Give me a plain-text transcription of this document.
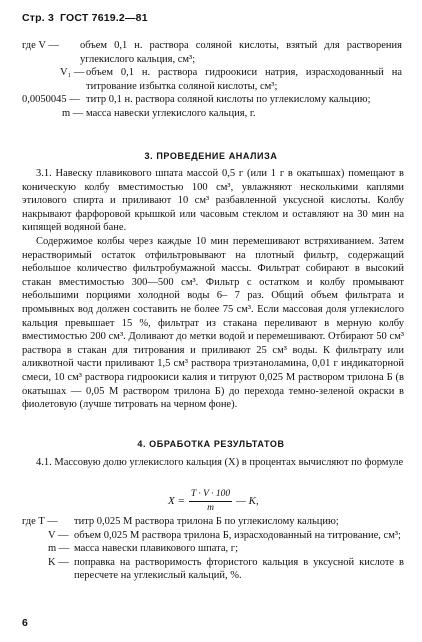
Стр. 3 ГОСТ 7619.2—81
где V —	объем 0,1 н. раствора соляной кислоты, взятый для растворения углекислого кальция, см³;
V₁ — объем 0,1 н. раствора гидроокиси натрия, израсходованный на титрование избытка соляной кислоты, см³;
0,0050045 — титр 0,1 н. раствора соляной кислоты по углекислому кальцию;
m — масса навески углекислого кальция, г.
3. ПРОВЕДЕНИЕ АНАЛИЗА
3.1. Навеску плавикового шпата массой 0,5 г (или 1 г в окатышах) помещают в коническую колбу вместимостью 100 см³, увлажняют несколькими каплями этилового спирта и приливают 10 см³ разбавленной уксусной кислоты. Колбу накрывают фарфоровой крышкой или часовым стеклом и оставляют на 30 мин на кипящей водяной бане.
Содержимое колбы через каждые 10 мин перемешивают встряхиванием. Затем нерастворимый остаток отфильтровывают на плотный фильтр, содержащий небольшое количество фильтробумажной массы. Фильтрат собирают в высокий стакан вместимостью 300—500 см³. Фильтр с остатком и колбу промывают небольшими порциями холодной воды 6– 7 раз. Общий объем фильтрата и промывных вод должен составить не более 75 см³. Если массовая доля углекислого кальция превышает 15 %, фильтрат из стакана переливают в мерную колбу вместимостью 200 см³. Доливают до метки водой и перемешивают. Отбирают 50 см³ раствора в стакан для титрования и приливают 25 см³ воды. К фильтрату или аликвотной части приливают 1,5 см³ раствора триэтаноламина, 0,01 г индикаторной смеси, 10 см³ раствора гидроокиси калия и титруют 0,025 М раствором трилона Б (в окатышах — 0,05 М раствором трилона Б) до перехода темно-зеленой окраски в фиолетовую (лучше титровать на черном фоне).
4. ОБРАБОТКА РЕЗУЛЬТАТОВ
4.1. Массовую долю углекислого кальция (X) в процентах вычисляют по формуле
$X = \frac{T \cdot V \cdot 100}{m}$ — K,
где T —	титр 0,025 М раствора трилона Б по углекислому кальцию;
V — объем 0,025 М раствора трилона Б, израсходованный на титрование, см³;
m — масса навески плавикового шпата, г;
K — поправка на растворимость фтористого кальция в уксусной кислоте в пересчете на углекислый кальций, %.
6
